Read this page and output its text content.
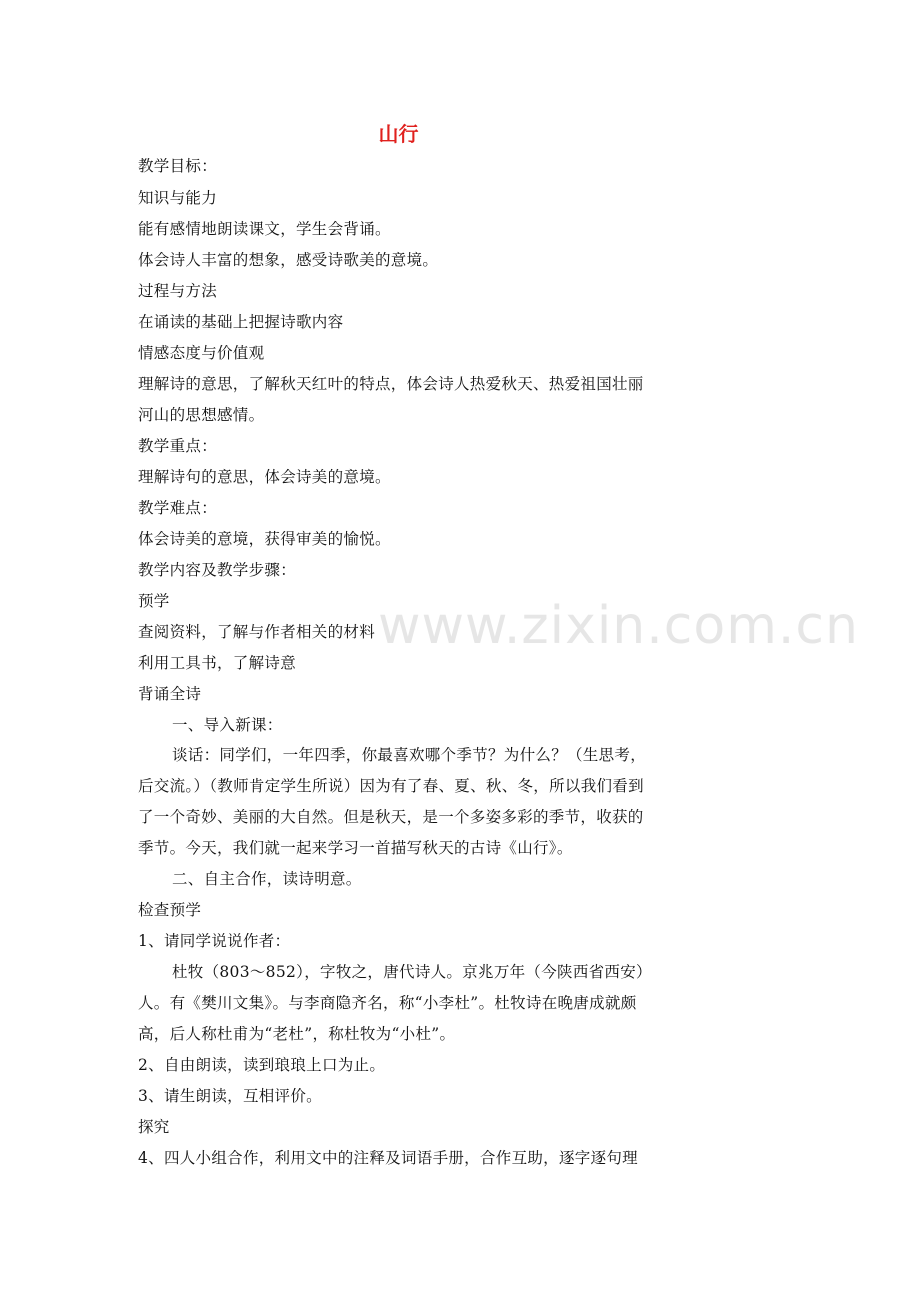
www.zixin.com.cn
山行
教学目标：
知识与能力
能有感情地朗读课文，学生会背诵。
体会诗人丰富的想象，感受诗歌美的意境。
过程与方法
在诵读的基础上把握诗歌内容
情感态度与价值观
理解诗的意思，了解秋天红叶的特点，体会诗人热爱秋天、热爱祖国壮丽
河山的思想感情。
教学重点：
理解诗句的意思，体会诗美的意境。
教学难点：
体会诗美的意境，获得审美的愉悦。
教学内容及教学步骤：
预学
查阅资料，了解与作者相关的材料
利用工具书，了解诗意
背诵全诗
一、导入新课：
谈话：同学们，一年四季，你最喜欢哪个季节？为什么？（生思考，
后交流。）（教师肯定学生所说）因为有了春、夏、秋、冬，所以我们看到
了一个奇妙、美丽的大自然。但是秋天，是一个多姿多彩的季节，收获的
季节。今天，我们就一起来学习一首描写秋天的古诗《山行》。
二、自主合作，读诗明意。
检查预学
1、请同学说说作者：
杜牧（803～852），字牧之，唐代诗人。京兆万年（今陕西省西安）
人。有《樊川文集》。与李商隐齐名，称“小李杜”。杜牧诗在晚唐成就颇
高，后人称杜甫为“老杜”，称杜牧为“小杜”。
2、自由朗读，读到琅琅上口为止。
3、请生朗读，互相评价。
探究
4、四人小组合作，利用文中的注释及词语手册，合作互助，逐字逐句理
